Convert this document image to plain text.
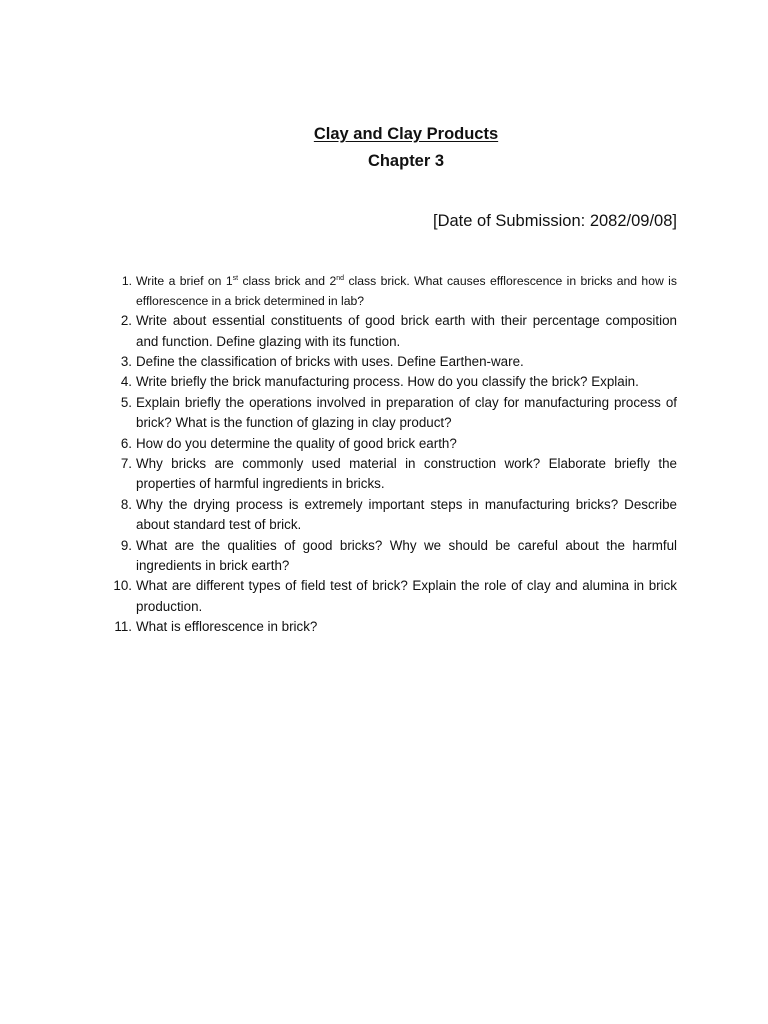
Clay and Clay Products
Chapter 3

[Date of Submission: 2082/09/08]

1. Write a brief on 1st class brick and 2nd class brick. What causes efflorescence in bricks and how is efflorescence in a brick determined in lab?
2. Write about essential constituents of good brick earth with their percentage composition and function. Define glazing with its function.
3. Define the classification of bricks with uses. Define Earthen-ware.
4. Write briefly the brick manufacturing process. How do you classify the brick? Explain.
5. Explain briefly the operations involved in preparation of clay for manufacturing process of brick? What is the function of glazing in clay product?
6. How do you determine the quality of good brick earth?
7. Why bricks are commonly used material in construction work? Elaborate briefly the properties of harmful ingredients in bricks.
8. Why the drying process is extremely important steps in manufacturing bricks? Describe about standard test of brick.
9. What are the qualities of good bricks? Why we should be careful about the harmful ingredients in brick earth?
10. What are different types of field test of brick? Explain the role of clay and alumina in brick production.
11. What is efflorescence in brick?
